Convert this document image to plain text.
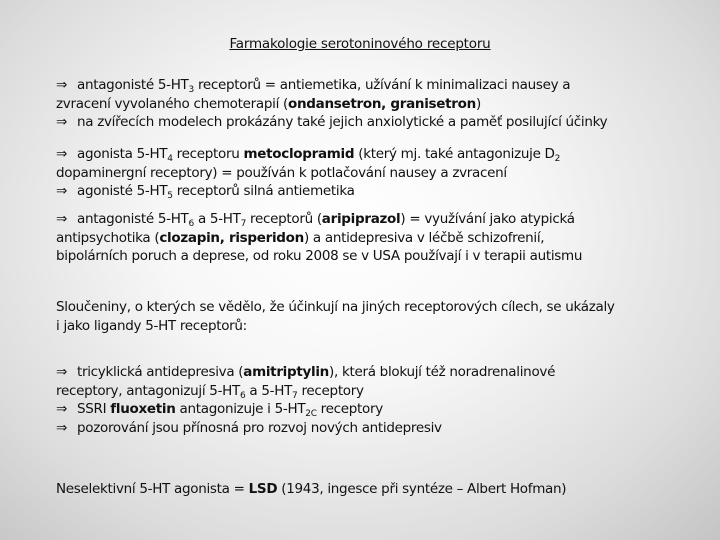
Farmakologie serotoninového receptoru
⇒ antagonisté $5-HT_3$ receptorů = antiemetika, užívání k minimalizaci nausey a
zvracení vyvolaného chemoterapií (ondansetron, granisetron)
⇒ na zvířecích modelech prokázány také jejich anxiolytické a paměť posilující účinky
⇒ agonista $5-HT_4$ receptoru metoclopramid (který mj. také antagonizuje $D_2$
dopaminergní receptory) = používán k potlačování nausey a zvracení
⇒ agonisté $5-HT_5$ receptorů silná antiemetika
⇒ antagonisté $5-HT_6$ a $5-HT_7$ receptorů (aripiprazol) = využívání jako atypická
antipsychotika (clozapin, risperidon) a antidepresiva v léčbě schizofrenií,
bipolárních poruch a deprese, od roku 2008 se v USA používají i v terapii autismu
Sloučeniny, o kterých se vědělo, že účinkují na jiných receptorových cílech, se ukázaly
i jako ligandy 5-HT receptorů:
⇒ tricyklická antidepresiva (amitriptylin), která blokují též noradrenalinové
receptory, antagonizují $5-HT_6$ a $5-HT_7$ receptory
⇒ SSRI fluoxetin antagonizuje i $5-HT_{2C}$ receptory
⇒ pozorování jsou přínosná pro rozvoj nových antidepresiv
Neselektivní 5-HT agonista = LSD (1943, ingesce při syntéze – Albert Hofman)
